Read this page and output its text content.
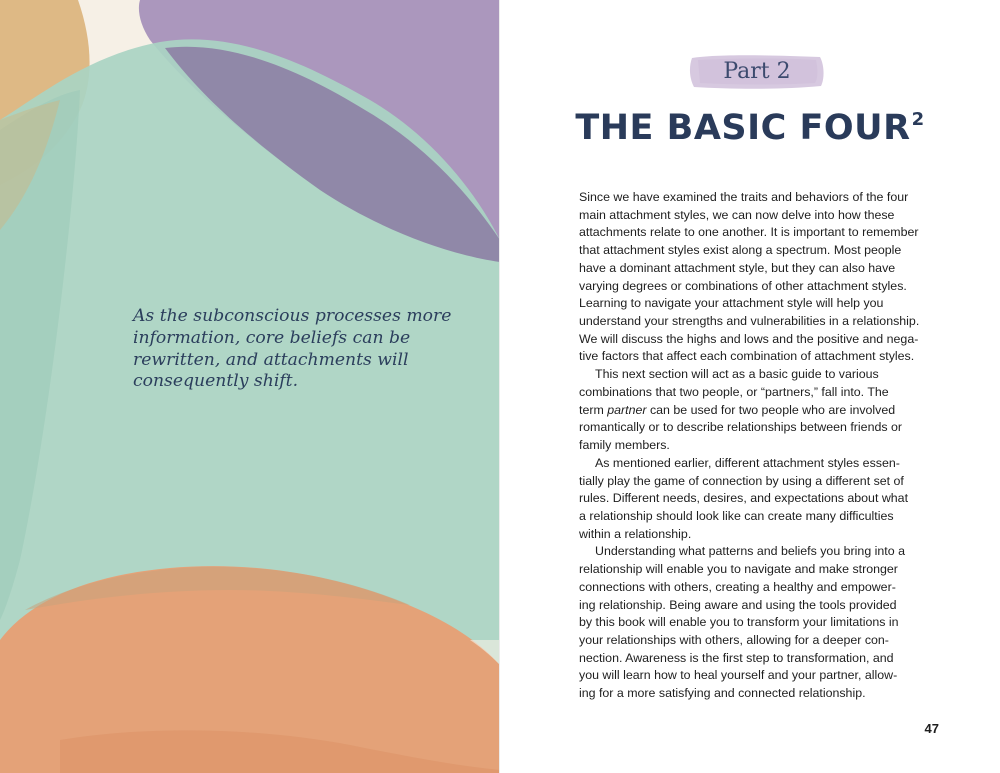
As the subconscious processes more
information, core beliefs can be
rewritten, and attachments will
consequently shift.

Part 2
THE BASIC FOUR$^2$
Since we have examined the traits and behaviors of the four
main attachment styles, we can now delve into how these
attachments relate to one another. It is important to remember
that attachment styles exist along a spectrum. Most people
have a dominant attachment style, but they can also have
varying degrees or combinations of other attachment styles.
Learning to navigate your attachment style will help you
understand your strengths and vulnerabilities in a relationship.
We will discuss the highs and lows and the positive and nega-
tive factors that affect each combination of attachment styles.
This next section will act as a basic guide to various
combinations that two people, or “partners,” fall into. The
term partner can be used for two people who are involved
romantically or to describe relationships between friends or
family members.
As mentioned earlier, different attachment styles essen-
tially play the game of connection by using a different set of
rules. Different needs, desires, and expectations about what
a relationship should look like can create many difficulties
within a relationship.
Understanding what patterns and beliefs you bring into a
relationship will enable you to navigate and make stronger
connections with others, creating a healthy and empower-
ing relationship. Being aware and using the tools provided
by this book will enable you to transform your limitations in
your relationships with others, allowing for a deeper con-
nection. Awareness is the first step to transformation, and
you will learn how to heal yourself and your partner, allow-
ing for a more satisfying and connected relationship.
47
